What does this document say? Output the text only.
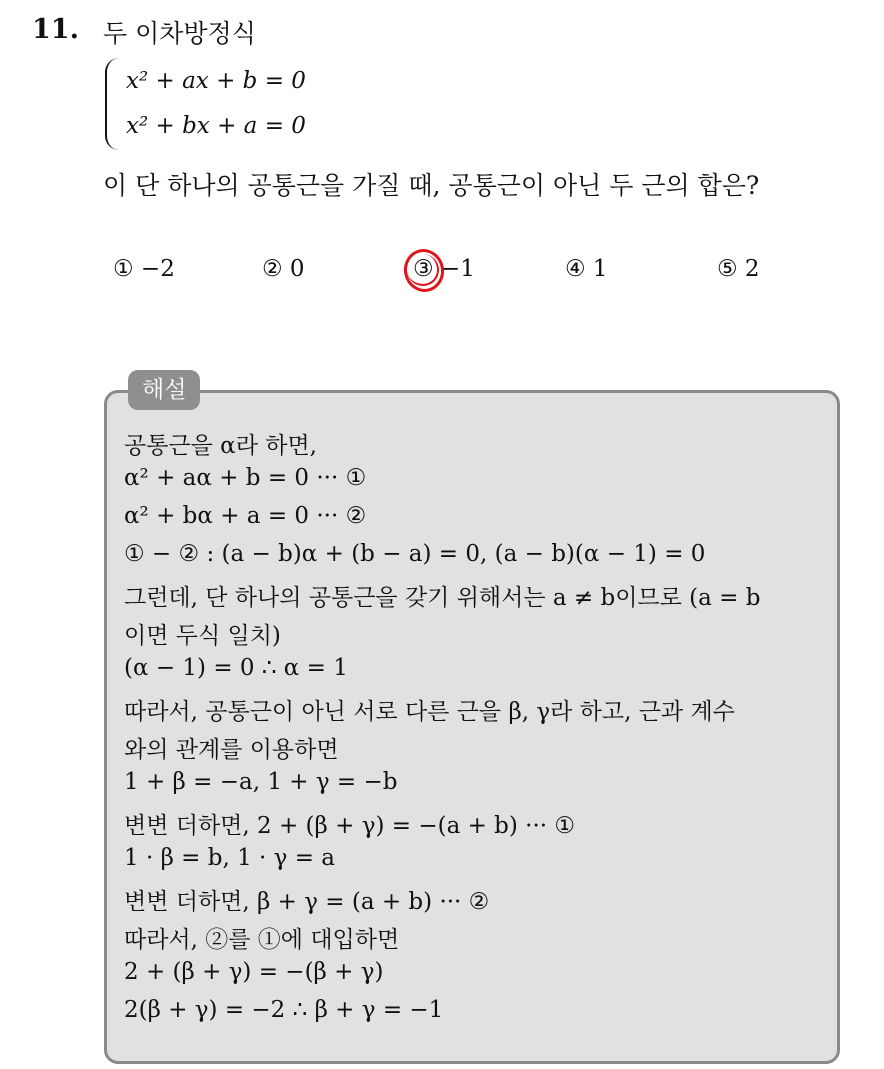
11. 두 이차방정식
x² + ax + b = 0
x² + bx + a = 0
이 단 하나의 공통근을 가질 때, 공통근이 아닌 두 근의 합은?
① −2	② 0	③ −1	④ 1	⑤ 2
해설
공통근을 α라 하면,
α² + aα + b = 0 ··· ①
α² + bα + a = 0 ··· ②
① − ② : (a − b)α + (b − a) = 0, (a − b)(α − 1) = 0
그런데, 단 하나의 공통근을 갖기 위해서는 a ≠ b이므로 (a = b
이면 두식 일치)
(α − 1) = 0 ∴ α = 1
따라서, 공통근이 아닌 서로 다른 근을 β, γ라 하고, 근과 계수
와의 관계를 이용하면
1 + β = −a, 1 + γ = −b
변변 더하면, 2 + (β + γ) = −(a + b) ··· ①
1 · β = b, 1 · γ = a
변변 더하면, β + γ = (a + b) ··· ②
따라서, ②를 ①에 대입하면
2 + (β + γ) = −(β + γ)
2(β + γ) = −2 ∴ β + γ = −1
